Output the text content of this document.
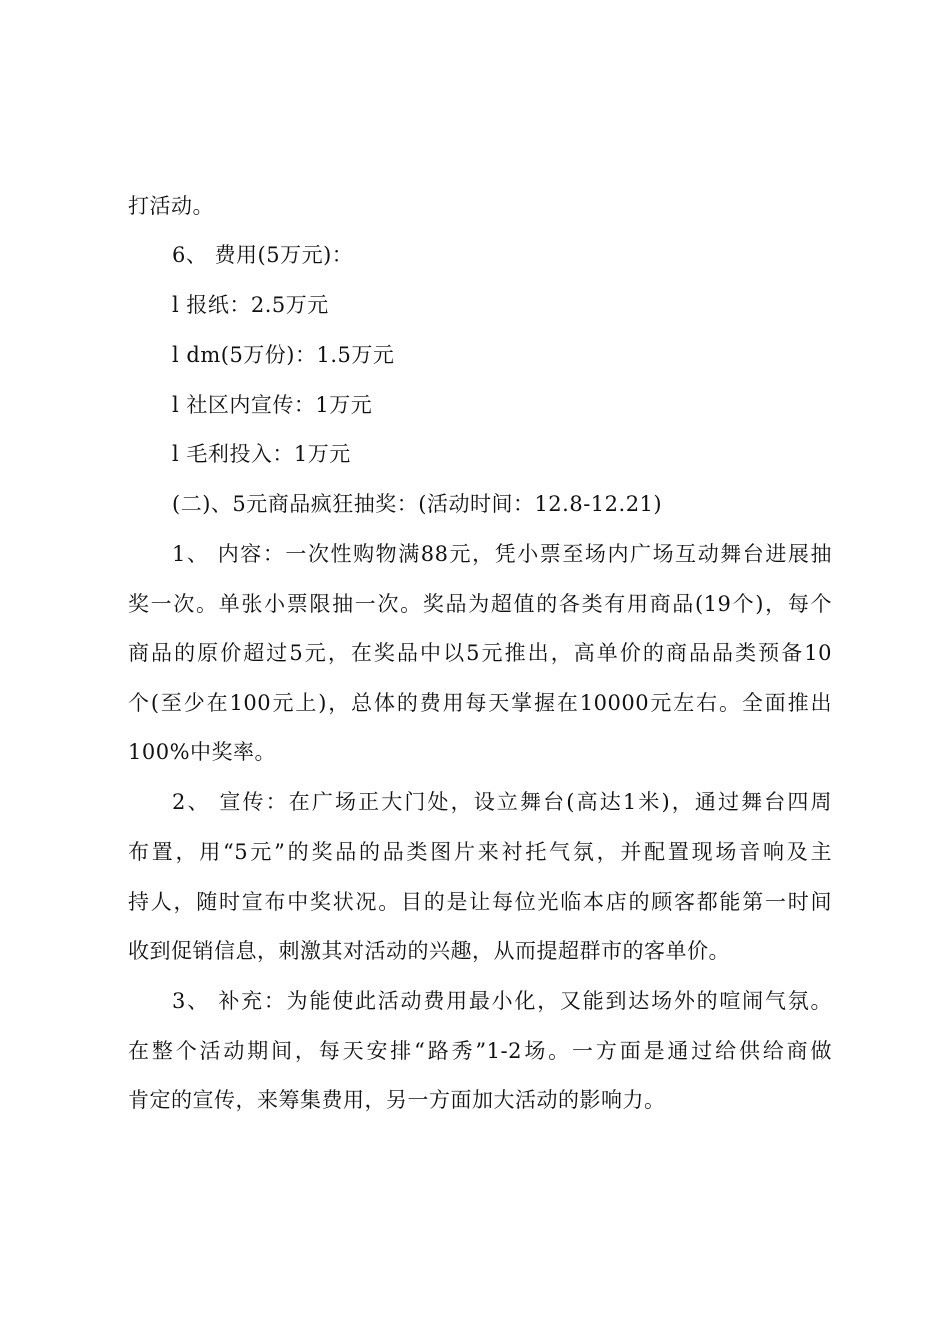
打活动。
6、 费用(5万元)：
l 报纸：2.5万元
l dm(5万份)：1.5万元
l 社区内宣传：1万元
l 毛利投入：1万元
(二)、5元商品疯狂抽奖：(活动时间：12.8-12.21)
1、 内容：一次性购物满88元，凭小票至场内广场互动舞台进展抽
奖一次。单张小票限抽一次。奖品为超值的各类有用商品(19个)，每个
商品的原价超过5元，在奖品中以5元推出，高单价的商品品类预备10
个(至少在100元上)，总体的费用每天掌握在10000元左右。全面推出
100%中奖率。
2、 宣传：在广场正大门处，设立舞台(高达1米)，通过舞台四周
布置，用“5元”的奖品的品类图片来衬托气氛，并配置现场音响及主
持人，随时宣布中奖状况。目的是让每位光临本店的顾客都能第一时间
收到促销信息，刺激其对活动的兴趣，从而提超群市的客单价。
3、 补充：为能使此活动费用最小化，又能到达场外的喧闹气氛。
在整个活动期间，每天安排“路秀”1-2场。一方面是通过给供给商做
肯定的宣传，来筹集费用，另一方面加大活动的影响力。
